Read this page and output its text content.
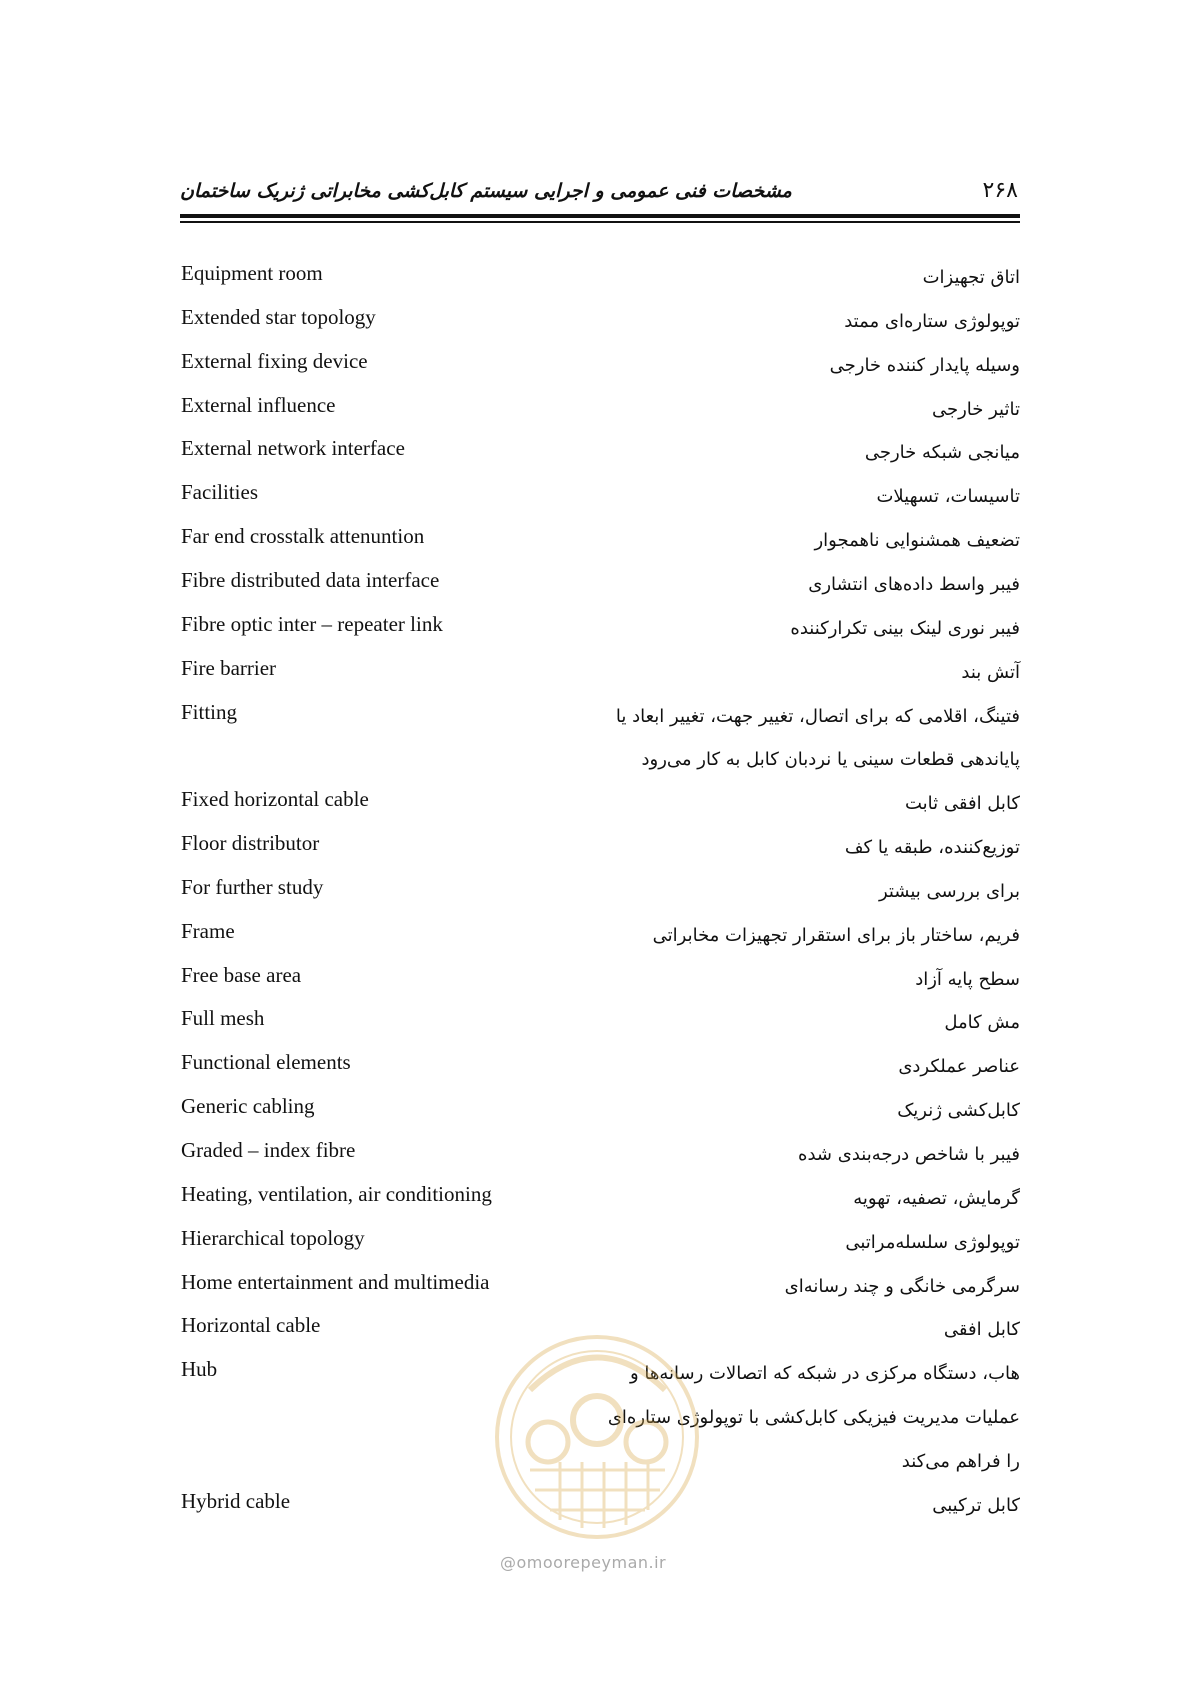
مشخصات فنی عمومی و اجرایی سیستم کابل‌کشی مخابراتی ژنریک ساختمان	۲۶۸
Equipment room	اتاق تجهیزات
Extended star topology	توپولوژی ستاره‌ای ممتد
External fixing device	وسیله پایدار کننده خارجی
External influence	تاثیر خارجی
External network interface	میانجی شبکه خارجی
Facilities	تاسیسات، تسهیلات
Far end crosstalk attenuntion	تضعیف همشنوایی ناهمجوار
Fibre distributed data interface	فیبر واسط داده‌های انتشاری
Fibre optic inter – repeater link	فیبر نوری لینک بینی تکرارکننده
Fire barrier	آتش بند
Fitting	فتینگ، اقلامی که برای اتصال، تغییر جهت، تغییر ابعاد یا
پایاندهی قطعات سینی یا نردبان کابل به کار می‌رود
Fixed horizontal cable	کابل افقی ثابت
Floor distributor	توزیع‌کننده، طبقه یا کف
For further study	برای بررسی بیشتر
Frame	فریم، ساختار باز برای استقرار تجهیزات مخابراتی
Free base area	سطح پایه آزاد
Full mesh	مش کامل
Functional elements	عناصر عملکردی
Generic cabling	کابل‌کشی ژنریک
Graded – index fibre	فیبر با شاخص درجه‌بندی شده
Heating, ventilation, air conditioning	گرمایش، تصفیه، تهویه
Hierarchical topology	توپولوژی سلسله‌مراتبی
Home entertainment and multimedia	سرگرمی خانگی و چند رسانه‌ای
Horizontal cable	کابل افقی
Hub	هاب، دستگاه مرکزی در شبکه که اتصالات رسانه‌ها و
عملیات مدیریت فیزیکی کابل‌کشی با توپولوژی ستاره‌ای
را فراهم می‌کند
Hybrid cable	کابل ترکیبی
@omoorepeyman.ir
